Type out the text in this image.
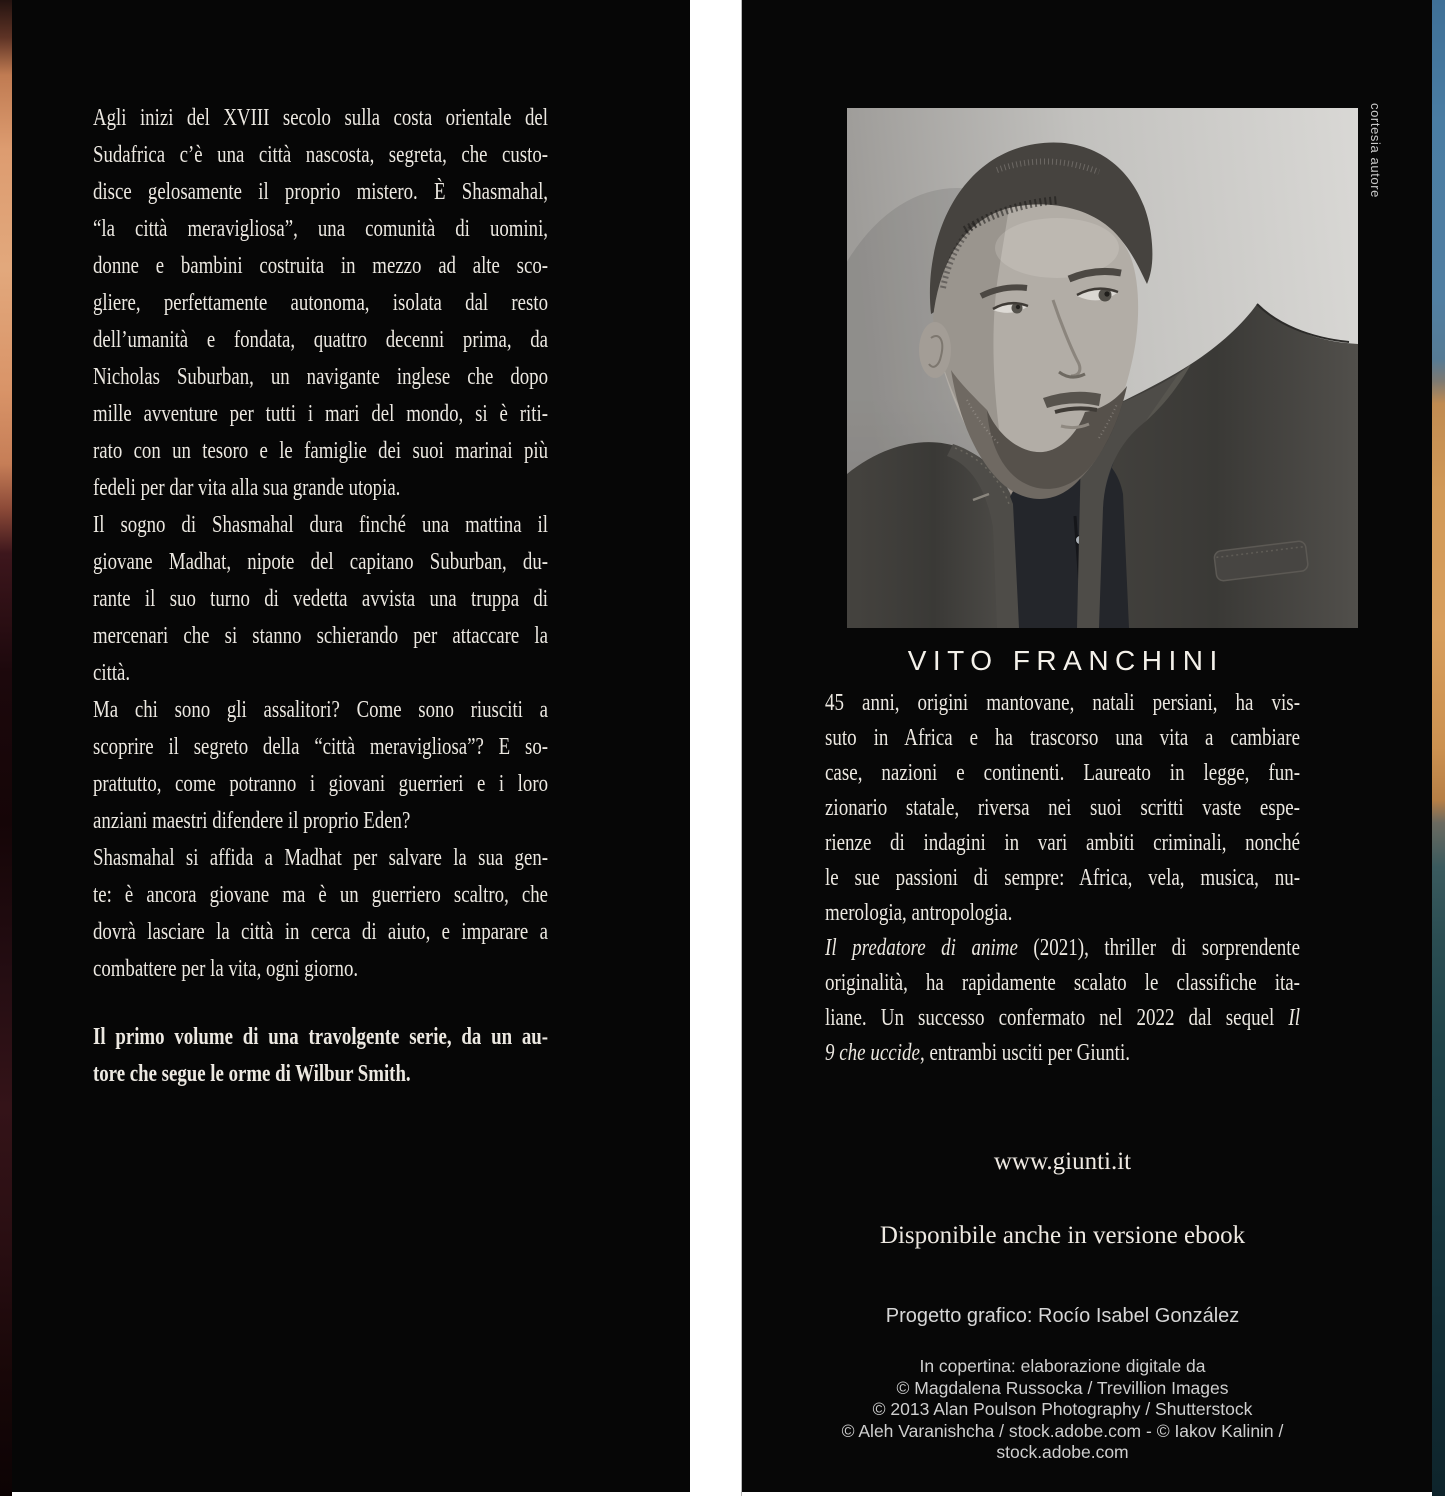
Agli inizi del XVIII secolo sulla costa orientale del
Sudafrica c’è una città nascosta, segreta, che custo-
disce gelosamente il proprio mistero. È Shasmahal,
“la città meravigliosa”, una comunità di uomini,
donne e bambini costruita in mezzo ad alte sco-
gliere, perfettamente autonoma, isolata dal resto
dell’umanità e fondata, quattro decenni prima, da
Nicholas Suburban, un navigante inglese che dopo
mille avventure per tutti i mari del mondo, si è riti-
rato con un tesoro e le famiglie dei suoi marinai più
fedeli per dar vita alla sua grande utopia.
Il sogno di Shasmahal dura finché una mattina il
giovane Madhat, nipote del capitano Suburban, du-
rante il suo turno di vedetta avvista una truppa di
mercenari che si stanno schierando per attaccare la
città.
Ma chi sono gli assalitori? Come sono riusciti a
scoprire il segreto della “città meravigliosa”? E so-
prattutto, come potranno i giovani guerrieri e i loro
anziani maestri difendere il proprio Eden?
Shasmahal si affida a Madhat per salvare la sua gen-
te: è ancora giovane ma è un guerriero scaltro, che
dovrà lasciare la città in cerca di aiuto, e imparare a
combattere per la vita, ogni giorno.
Il primo volume di una travolgente serie, da un au-
tore che segue le orme di Wilbur Smith.
cortesia autore
VITO FRANCHINI
45 anni, origini mantovane, natali persiani, ha vis-
suto in Africa e ha trascorso una vita a cambiare
case, nazioni e continenti. Laureato in legge, fun-
zionario statale, riversa nei suoi scritti vaste espe-
rienze di indagini in vari ambiti criminali, nonché
le sue passioni di sempre: Africa, vela, musica, nu-
merologia, antropologia.
Il predatore di anime (2021), thriller di sorprendente
originalità, ha rapidamente scalato le classifiche ita-
liane. Un successo confermato nel 2022 dal sequel Il
9 che uccide, entrambi usciti per Giunti.
www.giunti.it
Disponibile anche in versione ebook
Progetto grafico: Rocío Isabel González
In copertina: elaborazione digitale da
© Magdalena Russocka / Trevillion Images
© 2013 Alan Poulson Photography / Shutterstock
© Aleh Varanishcha / stock.adobe.com - © Iakov Kalinin / stock.adobe.com
